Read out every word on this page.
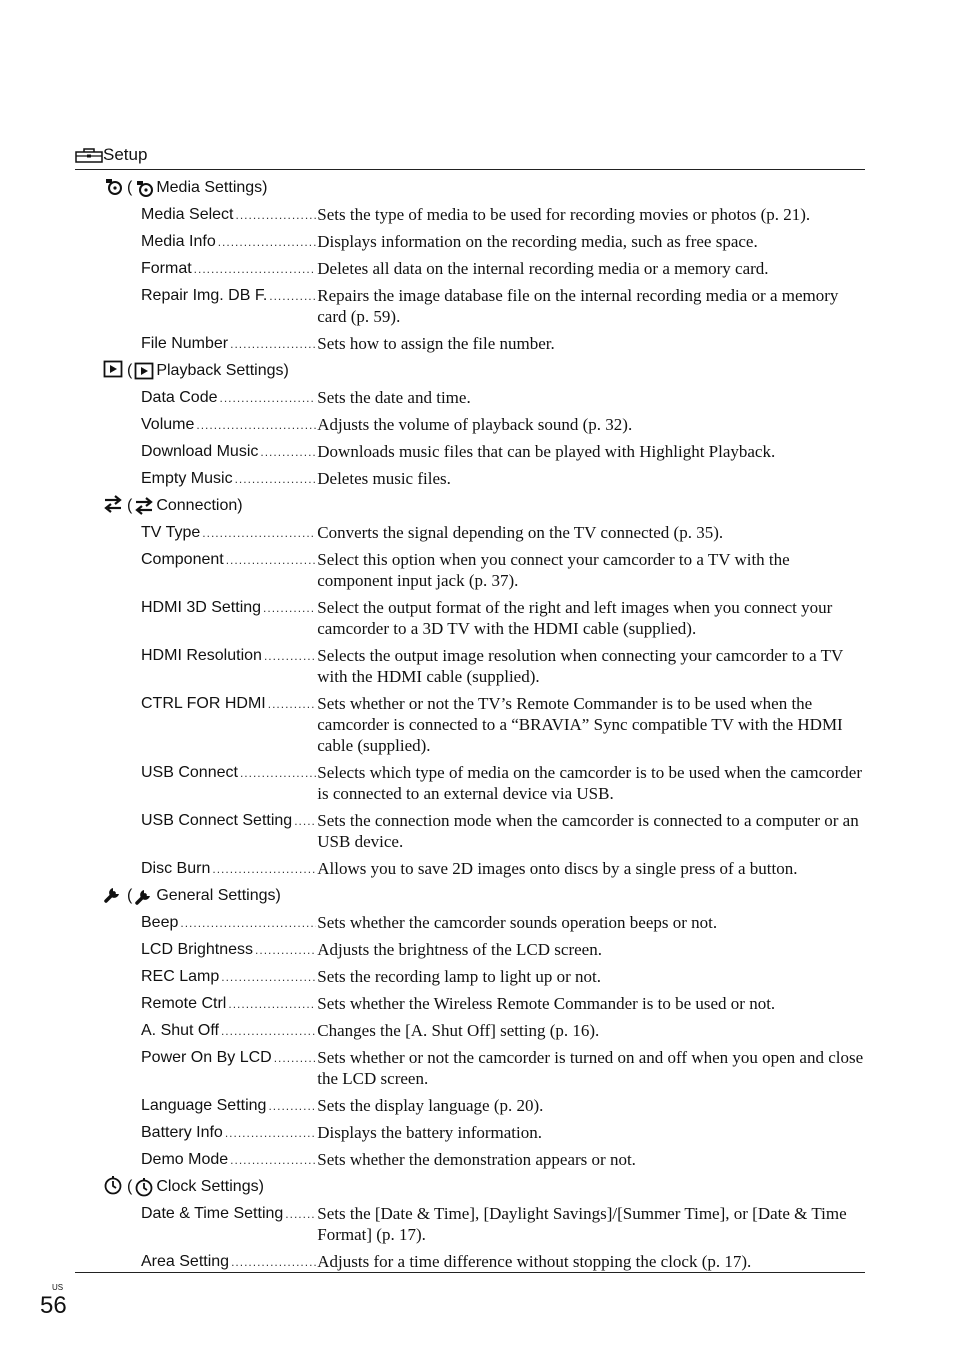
Setup
( Media Settings)
Media Select .....	Sets the type of media to be used for recording movies or photos (p. 21).
Media Info .....	Displays information on the recording media, such as free space.
Format .....	Deletes all data on the internal recording media or a memory card.
Repair Img. DB F. .....	Repairs the image database file on the internal recording media or a memory card (p. 59).
File Number .....	Sets how to assign the file number.
( Playback Settings)
Data Code .....	Sets the date and time.
Volume .....	Adjusts the volume of playback sound (p. 32).
Download Music .....	Downloads music files that can be played with Highlight Playback.
Empty Music .....	Deletes music files.
( Connection)
TV Type .....	Converts the signal depending on the TV connected (p. 35).
Component .....	Select this option when you connect your camcorder to a TV with the component input jack (p. 37).
HDMI 3D Setting .....	Select the output format of the right and left images when you connect your camcorder to a 3D TV with the HDMI cable (supplied).
HDMI Resolution .....	Selects the output image resolution when connecting your camcorder to a TV with the HDMI cable (supplied).
CTRL FOR HDMI .....	Sets whether or not the TV’s Remote Commander is to be used when the camcorder is connected to a “BRAVIA” Sync compatible TV with the HDMI cable (supplied).
USB Connect .....	Selects which type of media on the camcorder is to be used when the camcorder is connected to an external device via USB.
USB Connect Setting ..... Sets the connection mode when the camcorder is connected to a computer or an USB device.
Disc Burn .....	Allows you to save 2D images onto discs by a single press of a button.
( General Settings)
Beep .....	Sets whether the camcorder sounds operation beeps or not.
LCD Brightness .....	Adjusts the brightness of the LCD screen.
REC Lamp .....	Sets the recording lamp to light up or not.
Remote Ctrl .....	Sets whether the Wireless Remote Commander is to be used or not.
A. Shut Off .....	Changes the [A. Shut Off] setting (p. 16).
Power On By LCD .....	Sets whether or not the camcorder is turned on and off when you open and close the LCD screen.
Language Setting .....	Sets the display language (p. 20).
Battery Info .....	Displays the battery information.
Demo Mode .....	Sets whether the demonstration appears or not.
( Clock Settings)
Date & Time Setting ..... Sets the [Date & Time], [Daylight Savings]/[Summer Time], or [Date & Time Format] (p. 17).
Area Setting .....	Adjusts for a time difference without stopping the clock (p. 17).
US
56
